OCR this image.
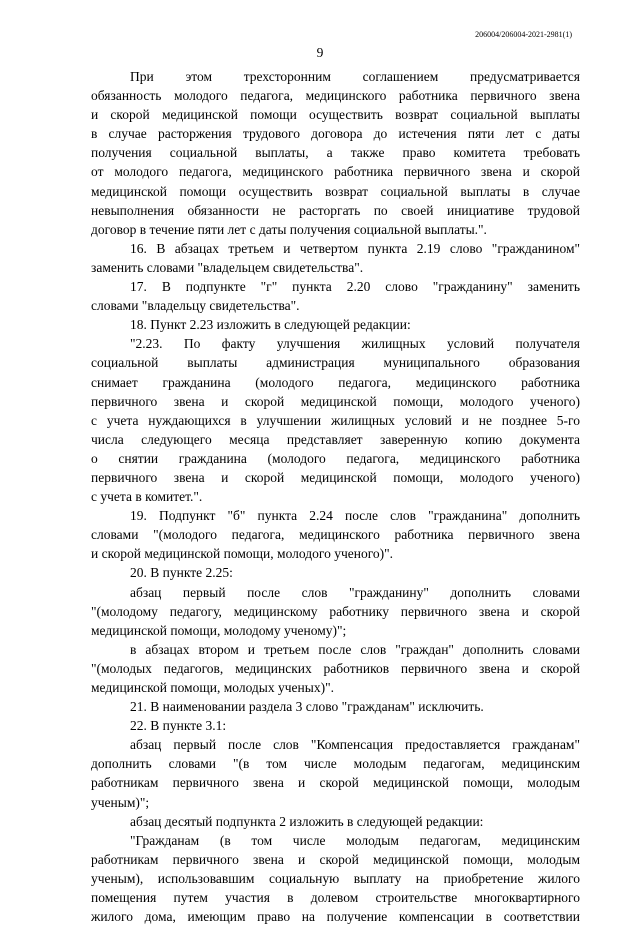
206004/206004-2021-2981(1)
9
При этом трехсторонним соглашением предусматривается
обязанность молодого педагога, медицинского работника первичного звена
и скорой медицинской помощи осуществить возврат социальной выплаты
в случае расторжения трудового договора до истечения пяти лет с даты
получения социальной выплаты, а также право комитета требовать
от молодого педагога, медицинского работника первичного звена и скорой
медицинской помощи осуществить возврат социальной выплаты в случае
невыполнения обязанности не расторгать по своей инициативе трудовой
договор в течение пяти лет с даты получения социальной выплаты.".
16. В абзацах третьем и четвертом пункта 2.19 слово "гражданином"
заменить словами "владельцем свидетельства".
17. В подпункте "г" пункта 2.20 слово "гражданину" заменить
словами "владельцу свидетельства".
18. Пункт 2.23 изложить в следующей редакции:
"2.23. По факту улучшения жилищных условий получателя
социальной выплаты администрация муниципального образования
снимает гражданина (молодого педагога, медицинского работника
первичного звена и скорой медицинской помощи, молодого ученого)
с учета нуждающихся в улучшении жилищных условий и не позднее 5-го
числа следующего месяца представляет заверенную копию документа
о снятии гражданина (молодого педагога, медицинского работника
первичного звена и скорой медицинской помощи, молодого ученого)
с учета в комитет.".
19. Подпункт "б" пункта 2.24 после слов "гражданина" дополнить
словами "(молодого педагога, медицинского работника первичного звена
и скорой медицинской помощи, молодого ученого)".
20. В пункте 2.25:
абзац первый после слов "гражданину" дополнить словами
"(молодому педагогу, медицинскому работнику первичного звена и скорой
медицинской помощи, молодому ученому)";
в абзацах втором и третьем после слов "граждан" дополнить словами
"(молодых педагогов, медицинских работников первичного звена и скорой
медицинской помощи, молодых ученых)".
21. В наименовании раздела 3 слово "гражданам" исключить.
22. В пункте 3.1:
абзац первый после слов "Компенсация предоставляется гражданам"
дополнить словами "(в том числе молодым педагогам, медицинским
работникам первичного звена и скорой медицинской помощи, молодым
ученым)";
абзац десятый подпункта 2 изложить в следующей редакции:
"Гражданам (в том числе молодым педагогам, медицинским
работникам первичного звена и скорой медицинской помощи, молодым
ученым), использовавшим социальную выплату на приобретение жилого
помещения путем участия в долевом строительстве многоквартирного
жилого дома, имеющим право на получение компенсации в соответствии
